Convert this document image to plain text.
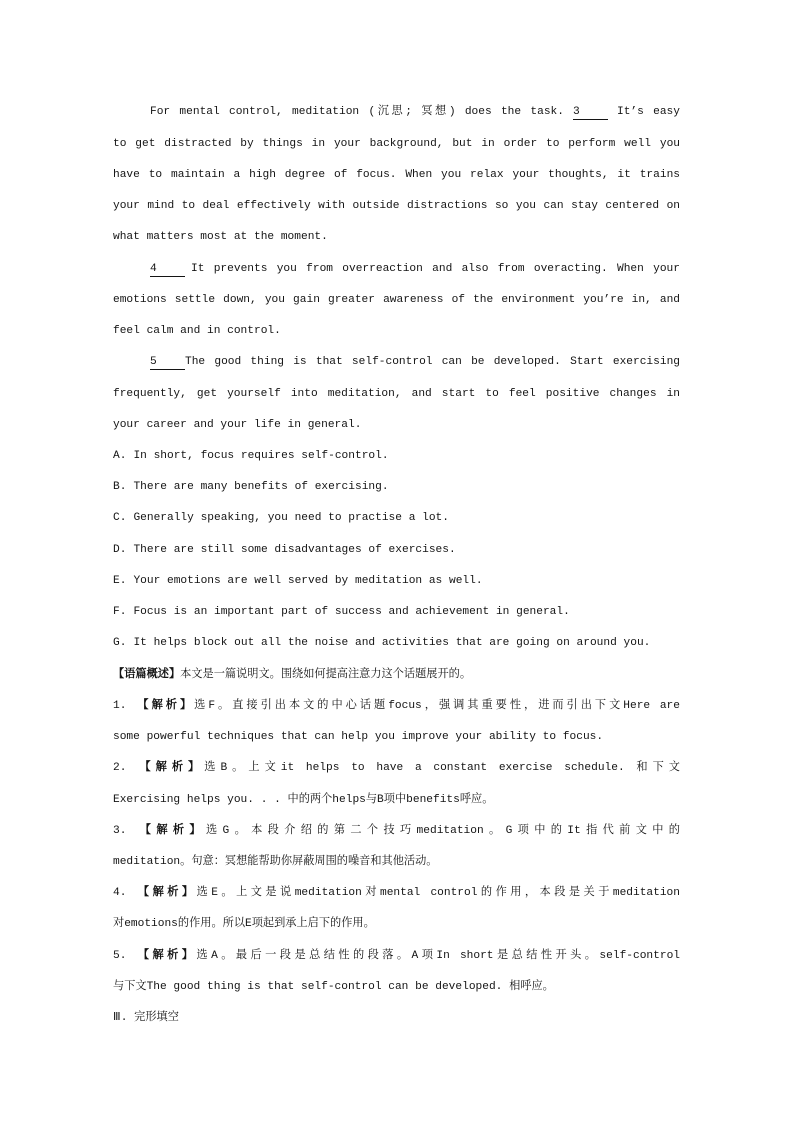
For mental control, meditation (沉思; 冥想) does the task. 3	It’s easy
to get distracted by things in your background, but in order to perform well you
have to maintain a high degree of focus. When you relax your thoughts, it trains
your mind to deal effectively with outside distractions so you can stay centered on
what matters most at the moment.
4	It prevents you from overreaction and also from overacting. When your
emotions settle down, you gain greater awareness of the environment you’re in, and
feel calm and in control.
5	The good thing is that self-control can be developed. Start exercising
frequently, get yourself into meditation, and start to feel positive changes in
your career and your life in general.
A. In short, focus requires self-control.
B. There are many benefits of exercising.
C. Generally speaking, you need to practise a lot.
D. There are still some disadvantages of exercises.
E. Your emotions are well served by meditation as well.
F. Focus is an important part of success and achievement in general.
G. It helps block out all the noise and activities that are going on around you.
【语篇概述】本文是一篇说明文。围绕如何提高注意力这个话题展开的。
1. 【解析】选F。直接引出本文的中心话题focus，强调其重要性，进而引出下文Here are
some powerful techniques that can help you improve your ability to focus.
2. 【解析】选B。上文it helps to have a constant exercise schedule. 和下文
Exercising helps you. . . 中的两个helps与B项中benefits呼应。
3. 【解析】选G。本段介绍的第二个技巧meditation。G项中的It指代前文中的
meditation。句意：冥想能帮助你屏蔽周围的噪音和其他活动。
4. 【解析】选E。上文是说meditation对mental control的作用，本段是关于meditation
对emotions的作用。所以E项起到承上启下的作用。
5. 【解析】选A。最后一段是总结性的段落。A项In short是总结性开头。self-control
与下文The good thing is that self-control can be developed. 相呼应。
Ⅲ. 完形填空
